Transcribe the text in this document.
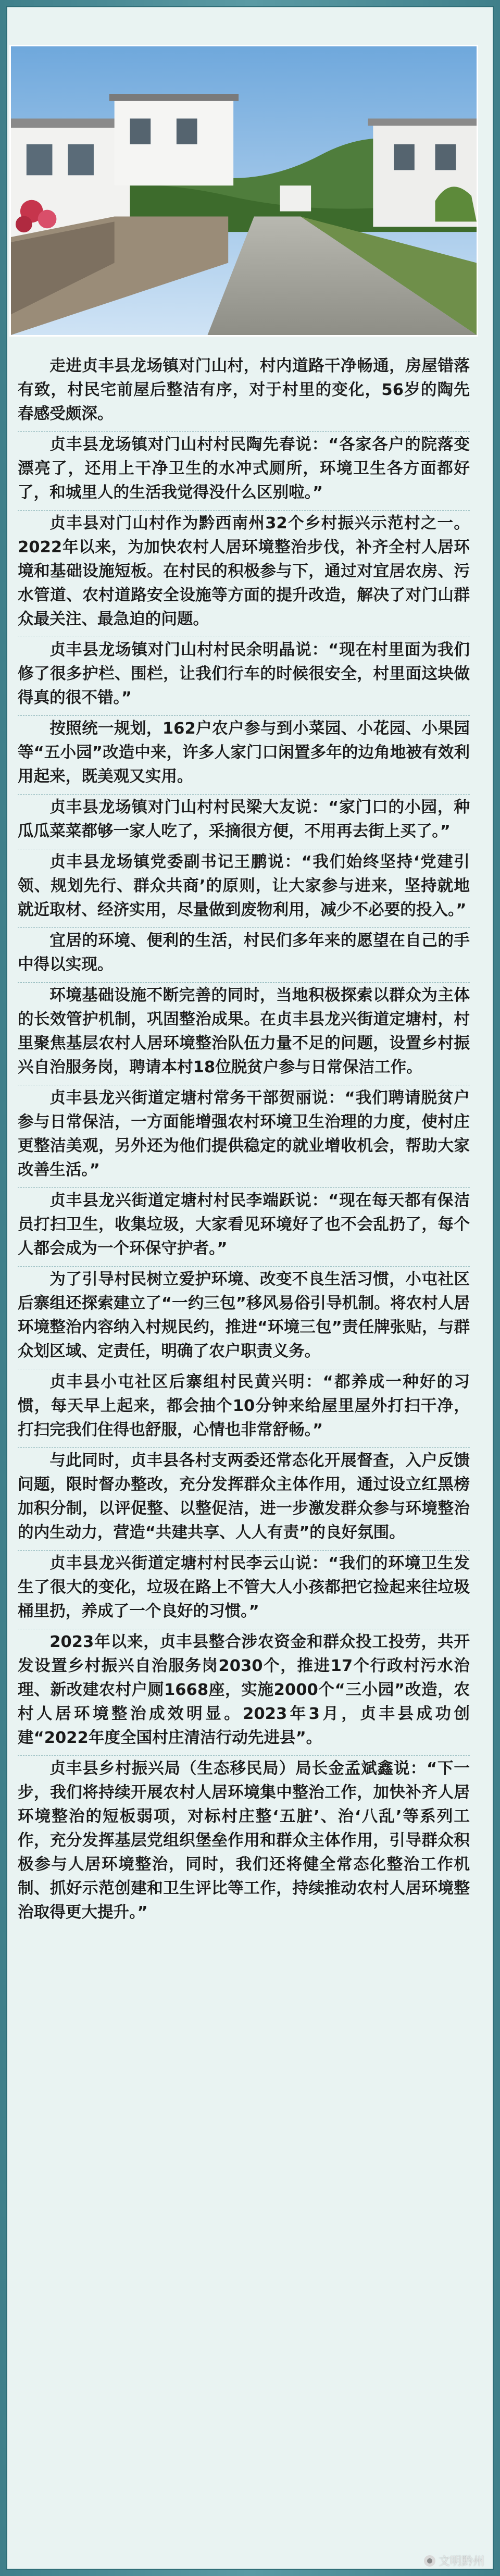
走进贞丰县龙场镇对门山村，村内道路干净畅通，房屋错落有致，村民宅前屋后整洁有序，对于村里的变化，56岁的陶先春感受颇深。

贞丰县龙场镇对门山村村民陶先春说：“各家各户的院落变漂亮了，还用上干净卫生的水冲式厕所，环境卫生各方面都好了，和城里人的生活我觉得没什么区别啦。”

贞丰县对门山村作为黔西南州32个乡村振兴示范村之一。2022年以来，为加快农村人居环境整治步伐，补齐全村人居环境和基础设施短板。在村民的积极参与下，通过对宜居农房、污水管道、农村道路安全设施等方面的提升改造，解决了对门山群众最关注、最急迫的问题。

贞丰县龙场镇对门山村村民余明晶说：“现在村里面为我们修了很多护栏、围栏，让我们行车的时候很安全，村里面这块做得真的很不错。”

按照统一规划，162户农户参与到小菜园、小花园、小果园等“五小园”改造中来，许多人家门口闲置多年的边角地被有效利用起来，既美观又实用。

贞丰县龙场镇对门山村村民梁大友说：“家门口的小园，种瓜瓜菜菜都够一家人吃了，采摘很方便，不用再去街上买了。”

贞丰县龙场镇党委副书记王鹏说：“我们始终坚持‘党建引领、规划先行、群众共商’的原则，让大家参与进来，坚持就地就近取材、经济实用，尽量做到废物利用，减少不必要的投入。”

宜居的环境、便利的生活，村民们多年来的愿望在自己的手中得以实现。

环境基础设施不断完善的同时，当地积极探索以群众为主体的长效管护机制，巩固整治成果。在贞丰县龙兴街道定塘村，村里聚焦基层农村人居环境整治队伍力量不足的问题，设置乡村振兴自治服务岗，聘请本村18位脱贫户参与日常保洁工作。

贞丰县龙兴街道定塘村常务干部贺丽说：“我们聘请脱贫户参与日常保洁，一方面能增强农村环境卫生治理的力度，使村庄更整洁美观，另外还为他们提供稳定的就业增收机会，帮助大家改善生活。”

贞丰县龙兴街道定塘村村民李端跃说：“现在每天都有保洁员打扫卫生，收集垃圾，大家看见环境好了也不会乱扔了，每个人都会成为一个环保守护者。”

为了引导村民树立爱护环境、改变不良生活习惯，小屯社区后寨组还探索建立了“一约三包”移风易俗引导机制。将农村人居环境整治内容纳入村规民约，推进“环境三包”责任牌张贴，与群众划区域、定责任，明确了农户职责义务。

贞丰县小屯社区后寨组村民黄兴明：“都养成一种好的习惯，每天早上起来，都会抽个10分钟来给屋里屋外打扫干净，打扫完我们住得也舒服，心情也非常舒畅。”

与此同时，贞丰县各村支两委还常态化开展督查，入户反馈问题，限时督办整改，充分发挥群众主体作用，通过设立红黑榜加积分制，以评促整、以整促洁，进一步激发群众参与环境整治的内生动力，营造“共建共享、人人有责”的良好氛围。

贞丰县龙兴街道定塘村村民李云山说：“我们的环境卫生发生了很大的变化，垃圾在路上不管大人小孩都把它捡起来往垃圾桶里扔，养成了一个良好的习惯。”

2023年以来，贞丰县整合涉农资金和群众投工投劳，共开发设置乡村振兴自治服务岗2030个，推进17个行政村污水治理、新改建农村户厕1668座，实施2000个“三小园”改造，农村人居环境整治成效明显。2023年3月，贞丰县成功创建“2022年度全国村庄清洁行动先进县”。

贞丰县乡村振兴局（生态移民局）局长金孟斌鑫说：“下一步，我们将持续开展农村人居环境集中整治工作，加快补齐人居环境整治的短板弱项，对标村庄整‘五脏’、治‘八乱’等系列工作，充分发挥基层党组织堡垒作用和群众主体作用，引导群众积极参与人居环境整治，同时，我们还将健全常态化整治工作机制、抓好示范创建和卫生评比等工作，持续推动农村人居环境整治取得更大提升。”

文明黔州
